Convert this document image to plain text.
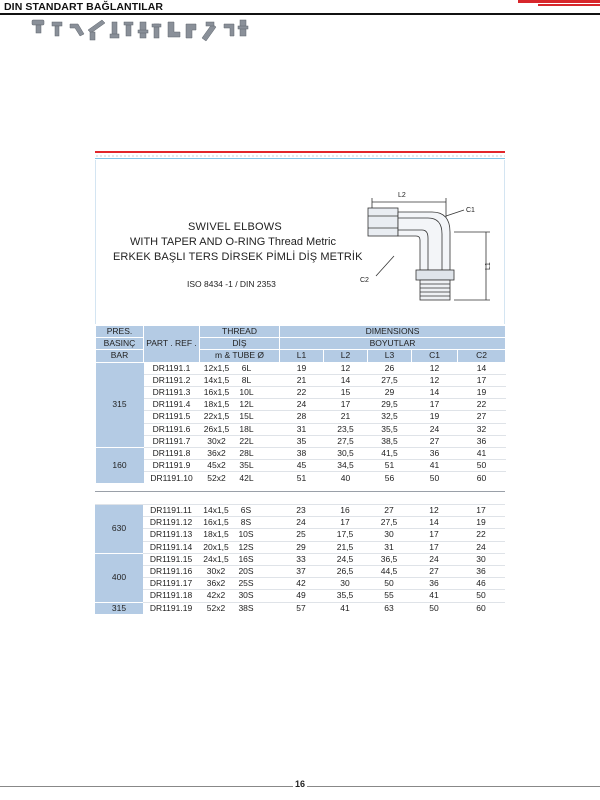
DIN STANDART BAĞLANTILAR
SWIVEL ELBOWS
WITH TAPER AND O-RING Thread Metric
ERKEK BAŞLI TERS DİRSEK PİMLİ DİŞ METRİK
ISO 8434 -1 / DIN 2353
L2
C1
C2
L1
PRES.	PART . REF .	THREAD	DIMENSIONS				
BASINÇ		DİŞ	BOYUTLAR				
BAR		m & TUBE Ø	L1	L2	L3	C1	C2
315	DR1191.1	12x1,5 6L	19	12	26	12	14
	DR1191.2	14x1,5 8L	21	14	27,5	12	17
	DR1191.3	16x1,5 10L	22	15	29	14	19
	DR1191.4	18x1,5 12L	24	17	29,5	17	22
	DR1191.5	22x1,5 15L	28	21	32,5	19	27
	DR1191.6	26x1,5 18L	31	23,5	35,5	24	32
	DR1191.7	30x2 22L	35	27,5	38,5	27	36
160	DR1191.8	36x2 28L	38	30,5	41,5	36	41
	DR1191.9	45x2 35L	45	34,5	51	41	50
	DR1191.10	52x2 42L	51	40	56	50	60
630	DR1191.11	14x1,5 6S	23	16	27	12	17
	DR1191.12	16x1,5 8S	24	17	27,5	14	19
	DR1191.13	18x1,5 10S	25	17,5	30	17	22
	DR1191.14	20x1,5 12S	29	21,5	31	17	24
400	DR1191.15	24x1,5 16S	33	24,5	36,5	24	30
	DR1191.16	30x2 20S	37	26,5	44,5	27	36
	DR1191.17	36x2 25S	42	30	50	36	46
	DR1191.18	42x2 30S	49	35,5	55	41	50
315	DR1191.19	52x2 38S	57	41	63	50	60
16
